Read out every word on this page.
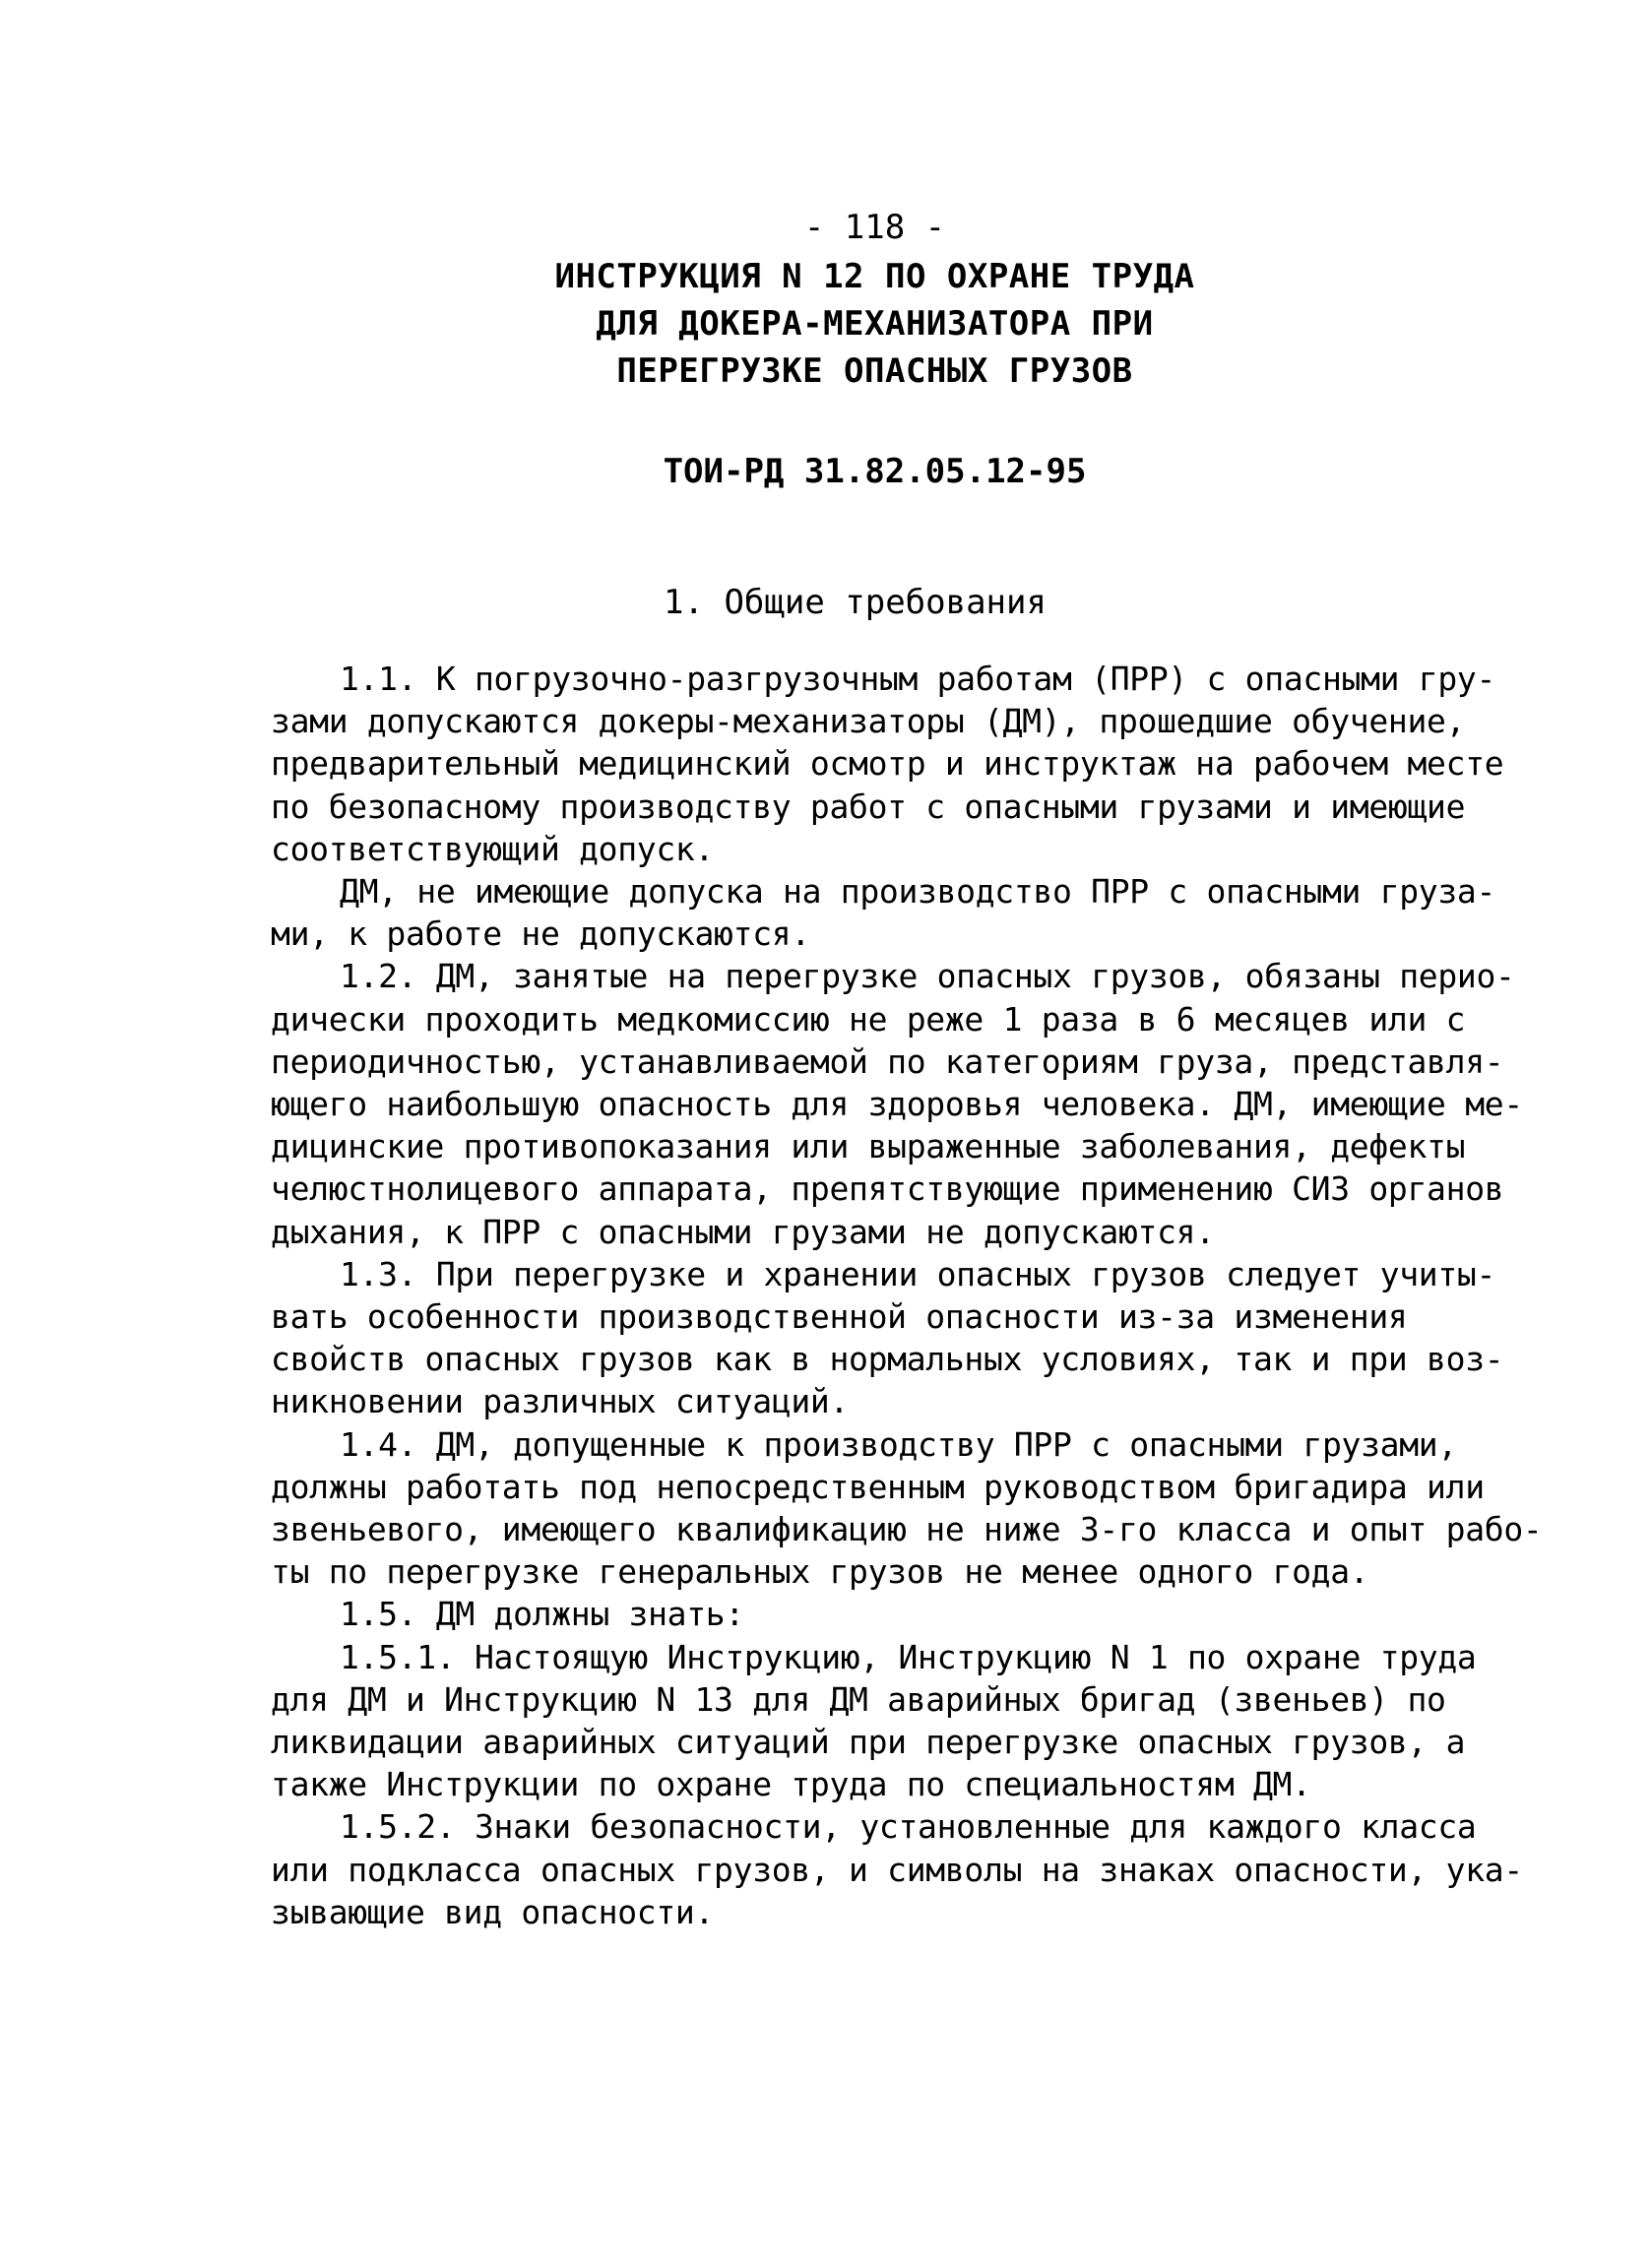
- 118 -
ИНСТРУКЦИЯ N 12 ПО ОХРАНЕ ТРУДА
ДЛЯ ДОКЕРА-МЕХАНИЗАТОРА ПРИ
ПЕРЕГРУЗКЕ ОПАСНЫХ ГРУЗОВ
ТОИ-РД 31.82.05.12-95
1. Общие требования
1.1. К погрузочно-разгрузочным работам (ПРР) с опасными гру-
зами допускаются докеры-механизаторы (ДМ), прошедшие обучение,
предварительный медицинский осмотр и инструктаж на рабочем месте
по безопасному производству работ с опасными грузами и имеющие
соответствующий допуск.
ДМ, не имеющие допуска на производство ПРР с опасными груза-
ми, к работе не допускаются.
1.2. ДМ, занятые на перегрузке опасных грузов, обязаны перио-
дически проходить медкомиссию не реже 1 раза в 6 месяцев или с
периодичностью, устанавливаемой по категориям груза, представля-
ющего наибольшую опасность для здоровья человека. ДМ, имеющие ме-
дицинские противопоказания или выраженные заболевания, дефекты
челюстнолицевого аппарата, препятствующие применению СИЗ органов
дыхания, к ПРР с опасными грузами не допускаются.
1.3. При перегрузке и хранении опасных грузов следует учиты-
вать особенности производственной опасности из-за изменения
свойств опасных грузов как в нормальных условиях, так и при воз-
никновении различных ситуаций.
1.4. ДМ, допущенные к производству ПРР с опасными грузами,
должны работать под непосредственным руководством бригадира или
звеньевого, имеющего квалификацию не ниже 3-го класса и опыт рабо-
ты по перегрузке генеральных грузов не менее одного года.
1.5. ДМ должны знать:
1.5.1. Настоящую Инструкцию, Инструкцию N 1 по охране труда
для ДМ и Инструкцию N 13 для ДМ аварийных бригад (звеньев) по
ликвидации аварийных ситуаций при перегрузке опасных грузов, а
также Инструкции по охране труда по специальностям ДМ.
1.5.2. Знаки безопасности, установленные для каждого класса
или подкласса опасных грузов, и символы на знаках опасности, ука-
зывающие вид опасности.
